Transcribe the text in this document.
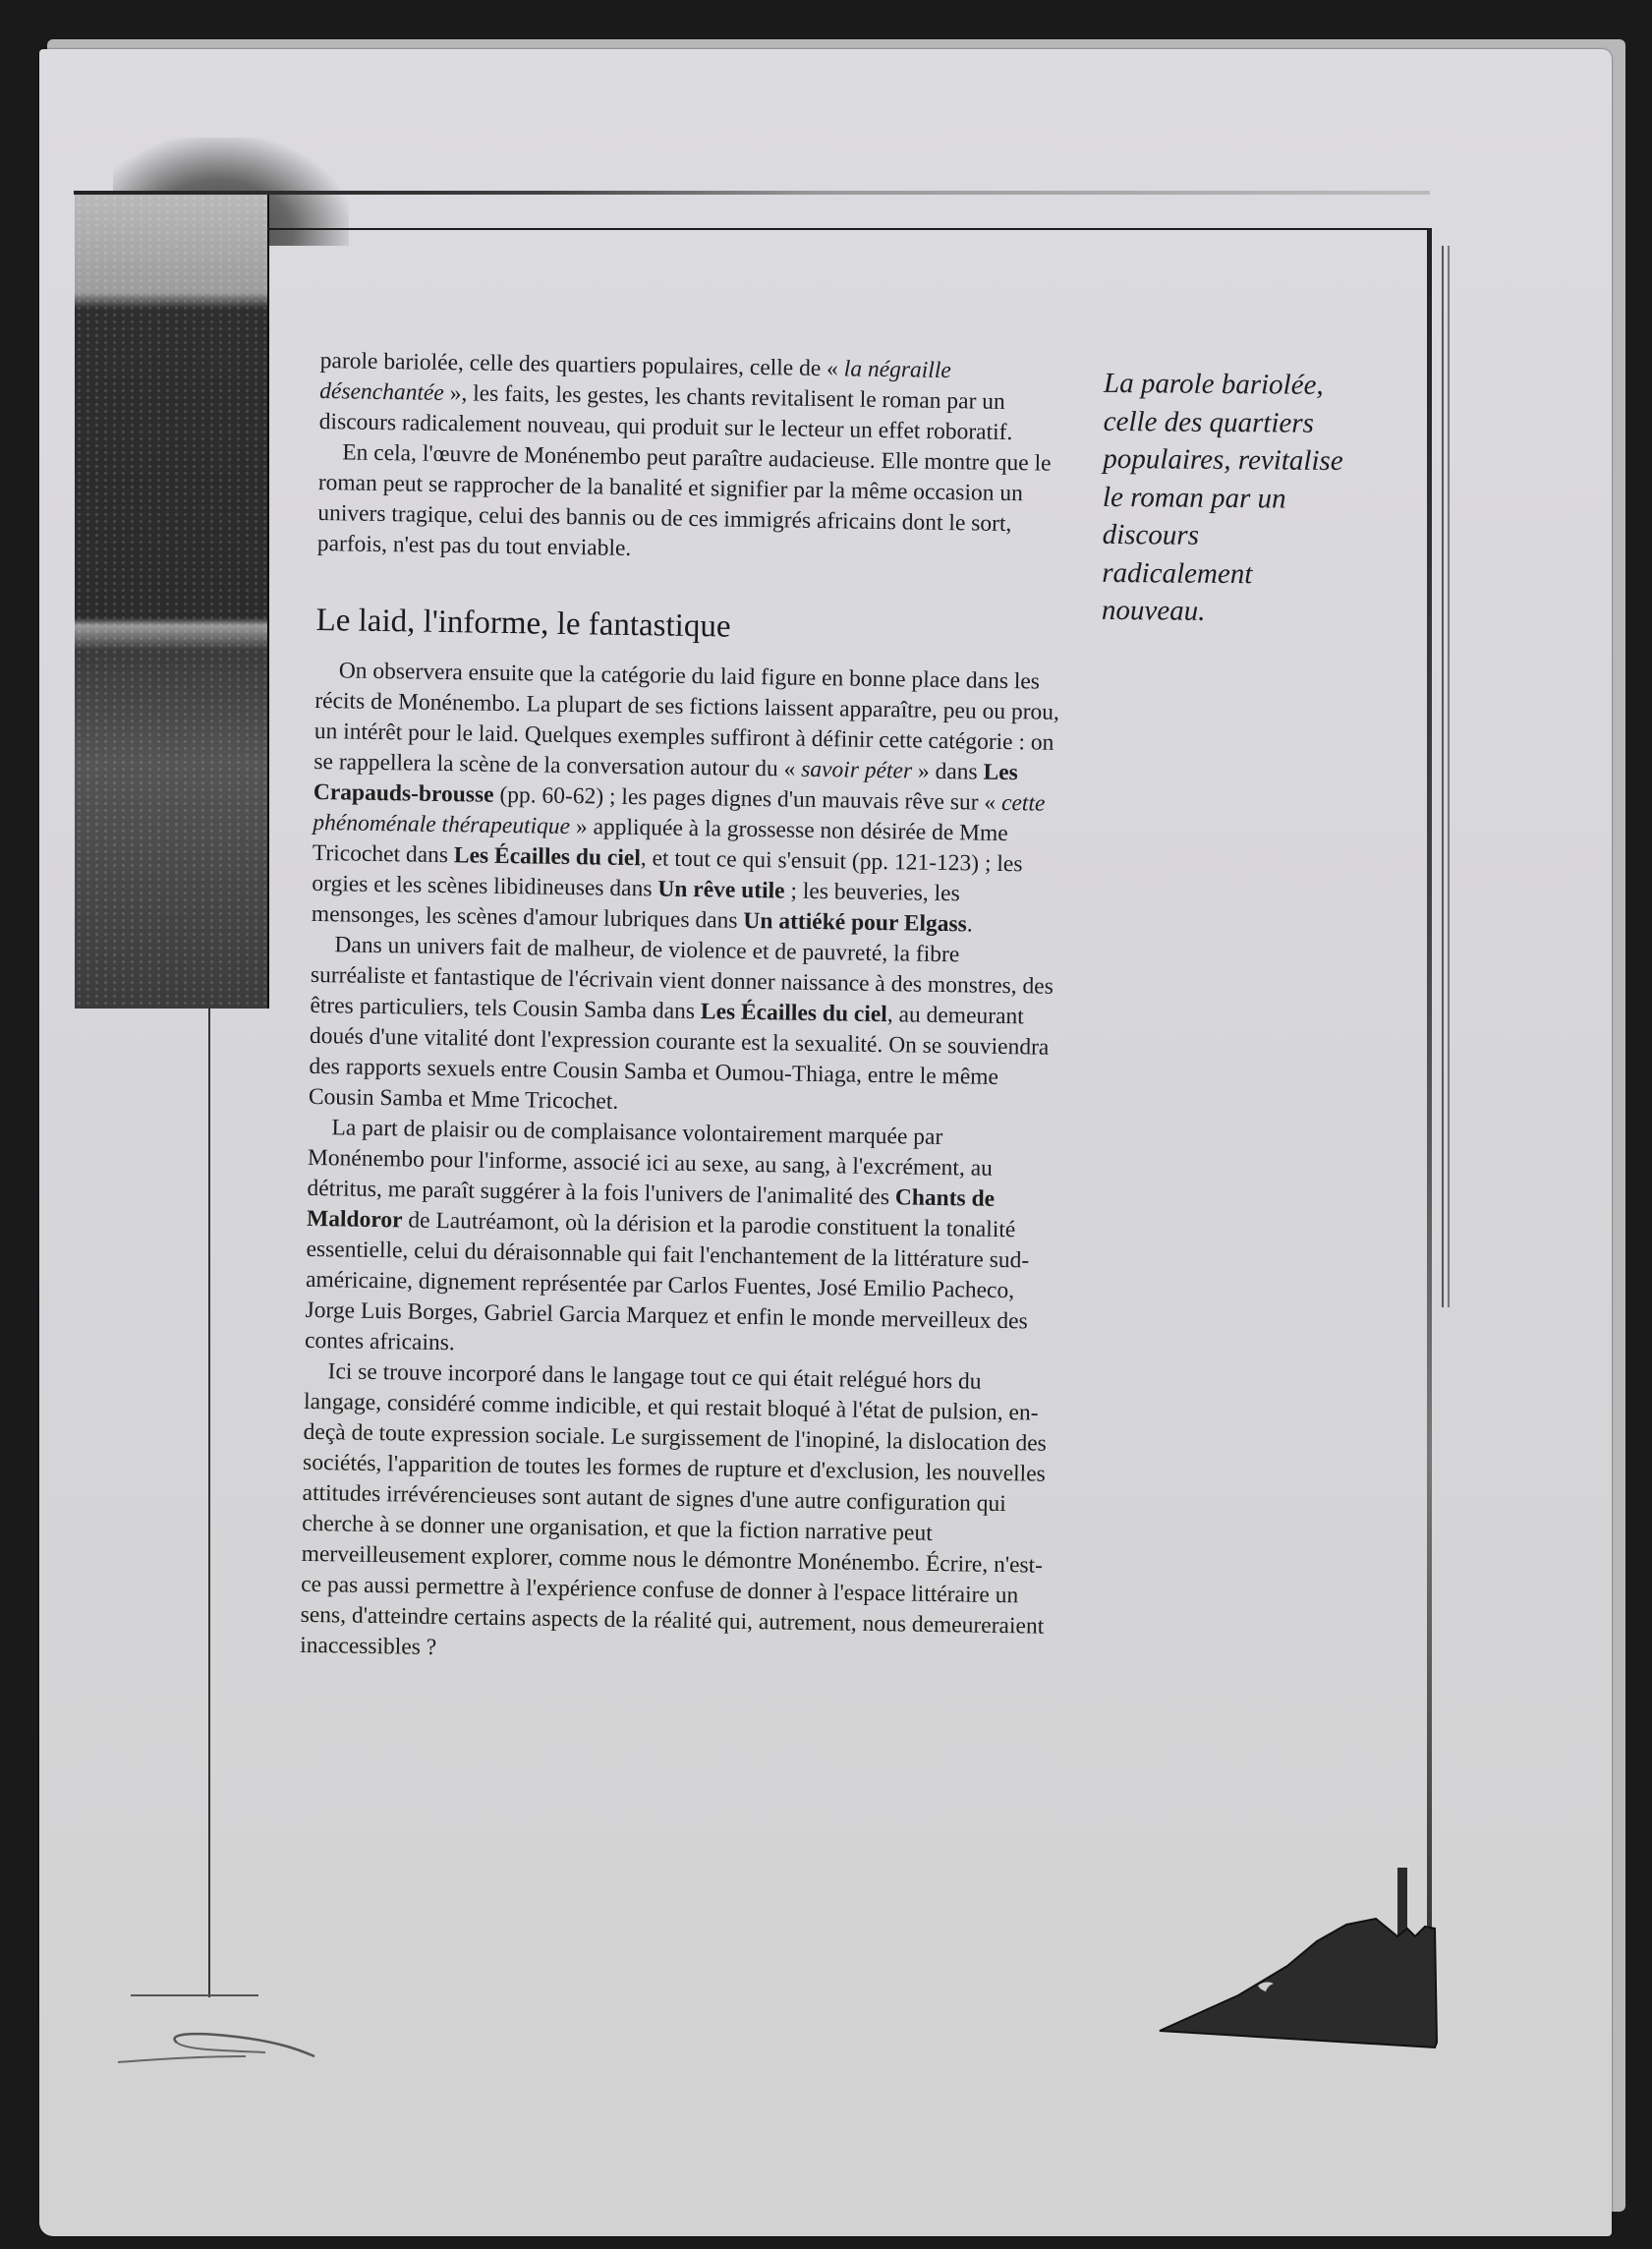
parole bariolée, celle des quartiers populaires, celle de « la négraille désenchantée », les faits, les gestes, les chants revitalisent le roman par un discours radicalement nouveau, qui produit sur le lecteur un effet roboratif.

En cela, l'œuvre de Monénembo peut paraître audacieuse. Elle montre que le roman peut se rapprocher de la banalité et signifier par la même occasion un univers tragique, celui des bannis ou de ces immigrés africains dont le sort, parfois, n'est pas du tout enviable.

Le laid, l'informe, le fantastique

On observera ensuite que la catégorie du laid figure en bonne place dans les récits de Monénembo. La plupart de ses fictions laissent apparaître, peu ou prou, un intérêt pour le laid. Quelques exemples suffiront à définir cette catégorie : on se rappellera la scène de la conversation autour du « savoir péter » dans Les Crapauds-brousse (pp. 60-62) ; les pages dignes d'un mauvais rêve sur « cette phénoménale thérapeutique » appliquée à la grossesse non désirée de Mme Tricochet dans Les Écailles du ciel, et tout ce qui s'ensuit (pp. 121-123) ; les orgies et les scènes libidineuses dans Un rêve utile ; les beuveries, les mensonges, les scènes d'amour lubriques dans Un attiéké pour Elgass.

Dans un univers fait de malheur, de violence et de pauvreté, la fibre surréaliste et fantastique de l'écrivain vient donner naissance à des monstres, des êtres particuliers, tels Cousin Samba dans Les Écailles du ciel, au demeurant doués d'une vitalité dont l'expression courante est la sexualité. On se souviendra des rapports sexuels entre Cousin Samba et Oumou-Thiaga, entre le même Cousin Samba et Mme Tricochet.

La part de plaisir ou de complaisance volontairement marquée par Monénembo pour l'informe, associé ici au sexe, au sang, à l'excrément, au détritus, me paraît suggérer à la fois l'univers de l'animalité des Chants de Maldoror de Lautréamont, où la dérision et la parodie constituent la tonalité essentielle, celui du déraisonnable qui fait l'enchantement de la littérature sud-américaine, dignement représentée par Carlos Fuentes, José Emilio Pacheco, Jorge Luis Borges, Gabriel Garcia Marquez et enfin le monde merveilleux des contes africains.

Ici se trouve incorporé dans le langage tout ce qui était relégué hors du langage, considéré comme indicible, et qui restait bloqué à l'état de pulsion, en-deçà de toute expression sociale. Le surgissement de l'inopiné, la dislocation des sociétés, l'apparition de toutes les formes de rupture et d'exclusion, les nouvelles attitudes irrévérencieuses sont autant de signes d'une autre configuration qui cherche à se donner une organisation, et que la fiction narrative peut merveilleusement explorer, comme nous le démontre Monénembo. Écrire, n'est-ce pas aussi permettre à l'expérience confuse de donner à l'espace littéraire un sens, d'atteindre certains aspects de la réalité qui, autrement, nous demeureraient inaccessibles ?

La parole bariolée, celle des quartiers populaires, revitalise le roman par un discours radicalement nouveau.
